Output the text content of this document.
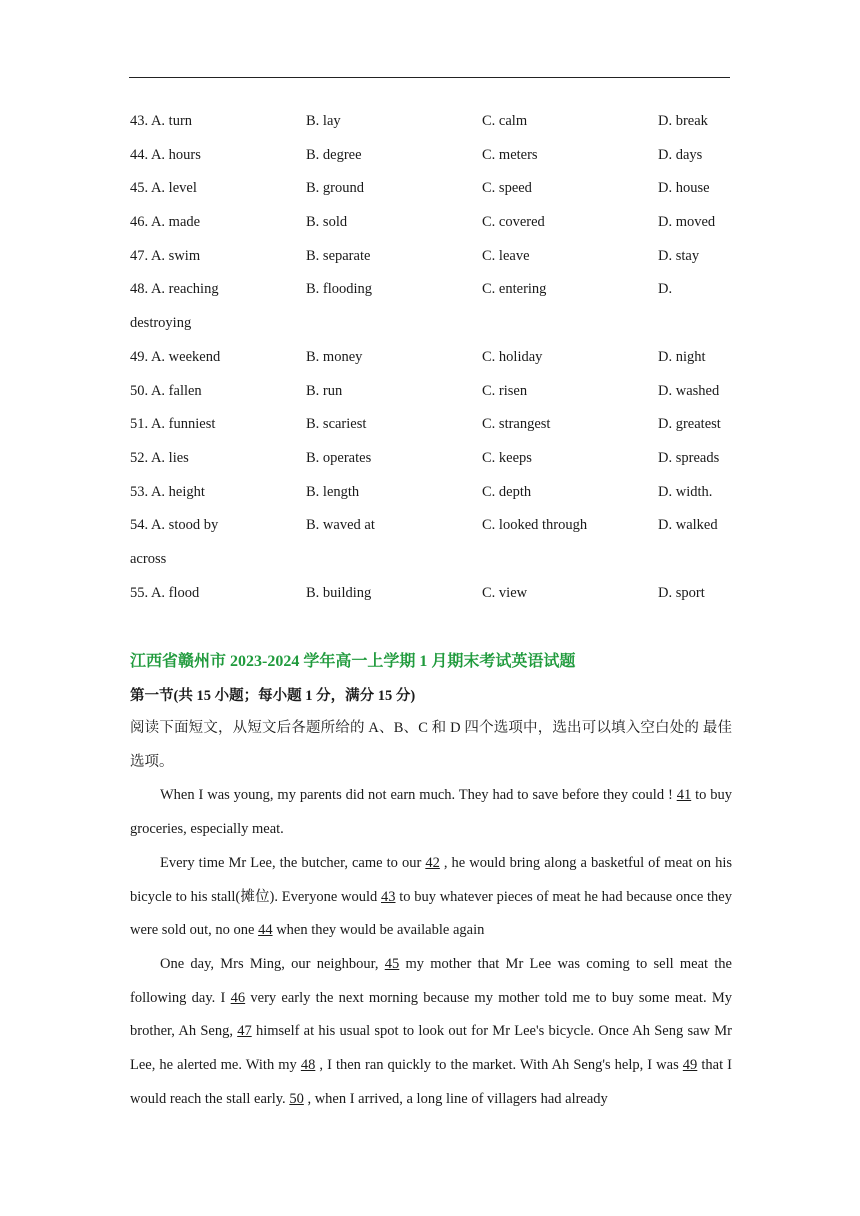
43. A. turn	B. lay	C. calm	D. break
44. A. hours	B. degree	C. meters	D. days
45. A. level	B. ground	C. speed	D. house
46. A. made	B. sold	C. covered	D. moved
47. A. swim	B. separate	C. leave	D. stay
48. A. reaching	B. flooding	C. entering	D.
destroying
49. A. weekend	B. money	C. holiday	D. night
50. A. fallen	B. run	C. risen	D. washed
51. A. funniest	B. scariest	C. strangest	D. greatest
52. A. lies	B. operates	C. keeps	D. spreads
53. A. height	B. length	C. depth	D. width.
54. A. stood by	B. waved at	C. looked through	D. walked
across
55. A. flood	B. building	C. view	D. sport
江西省赣州市 2023-2024 学年高一上学期 1 月期末考试英语试题
第一节(共 15 小题；每小题 1 分，满分 15 分)

阅读下面短文，从短文后各题所给的 A、B、C 和 D 四个选项中，选出可以填入空白处的 最佳选项。

When I was young, my parents did not earn much. They had to save before they could ! 41 to buy groceries, especially meat.

Every time Mr Lee, the butcher, came to our 42 , he would bring along a basketful of meat on his bicycle to his stall(摊位). Everyone would 43 to buy whatever pieces of meat he had because once they were sold out, no one 44 when they would be available again

One day, Mrs Ming, our neighbour, 45 my mother that Mr Lee was coming to sell meat the following day. I 46 very early the next morning because my mother told me to buy some meat. My brother, Ah Seng, 47 himself at his usual spot to look out for Mr Lee's bicycle. Once Ah Seng saw Mr Lee, he alerted me. With my 48 , I then ran quickly to the market. With Ah Seng's help, I was 49 that I would reach the stall early. 50 , when I arrived, a long line of villagers had already
